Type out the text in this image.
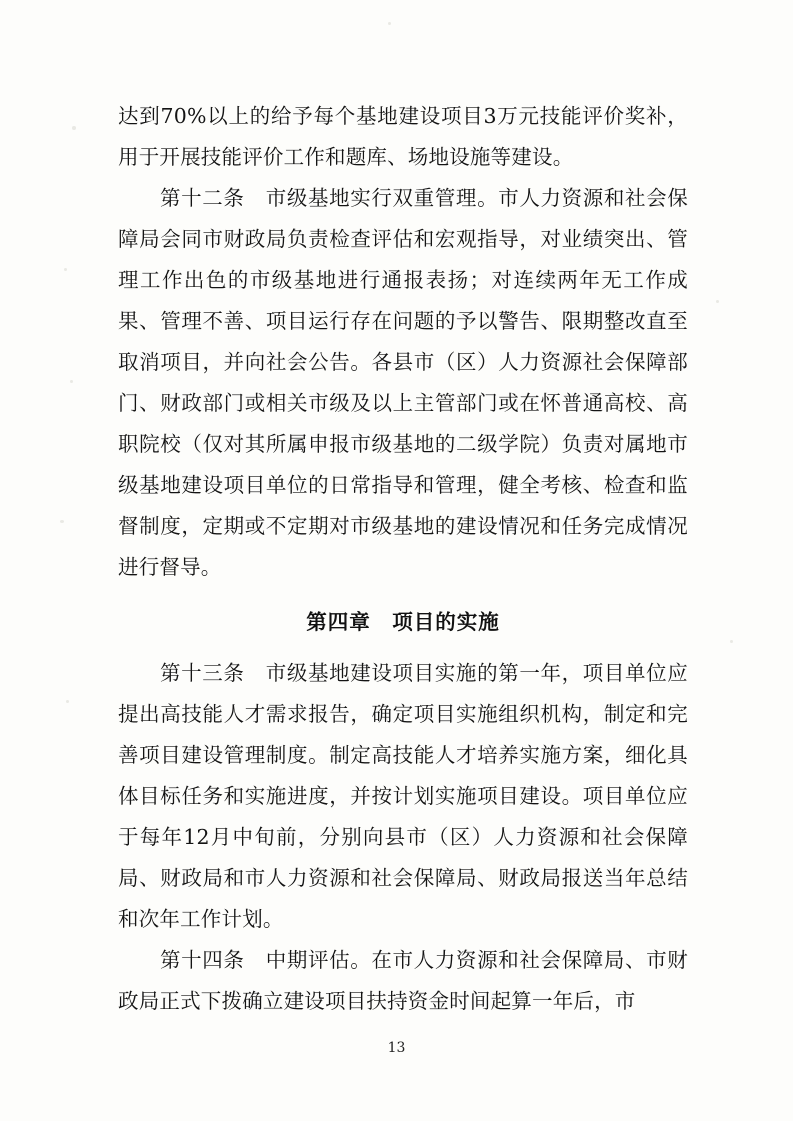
达到70%以上的给予每个基地建设项目3万元技能评价奖补，用于开展技能评价工作和题库、场地设施等建设。

第十二条　市级基地实行双重管理。市人力资源和社会保障局会同市财政局负责检查评估和宏观指导，对业绩突出、管理工作出色的市级基地进行通报表扬；对连续两年无工作成果、管理不善、项目运行存在问题的予以警告、限期整改直至取消项目，并向社会公告。各县市（区）人力资源社会保障部门、财政部门或相关市级及以上主管部门或在怀普通高校、高职院校（仅对其所属申报市级基地的二级学院）负责对属地市级基地建设项目单位的日常指导和管理，健全考核、检查和监督制度，定期或不定期对市级基地的建设情况和任务完成情况进行督导。

第四章　项目的实施

第十三条　市级基地建设项目实施的第一年，项目单位应提出高技能人才需求报告，确定项目实施组织机构，制定和完善项目建设管理制度。制定高技能人才培养实施方案，细化具体目标任务和实施进度，并按计划实施项目建设。项目单位应于每年12月中旬前，分别向县市（区）人力资源和社会保障局、财政局和市人力资源和社会保障局、财政局报送当年总结和次年工作计划。

第十四条　中期评估。在市人力资源和社会保障局、市财政局正式下拨确立建设项目扶持资金时间起算一年后，市

13
